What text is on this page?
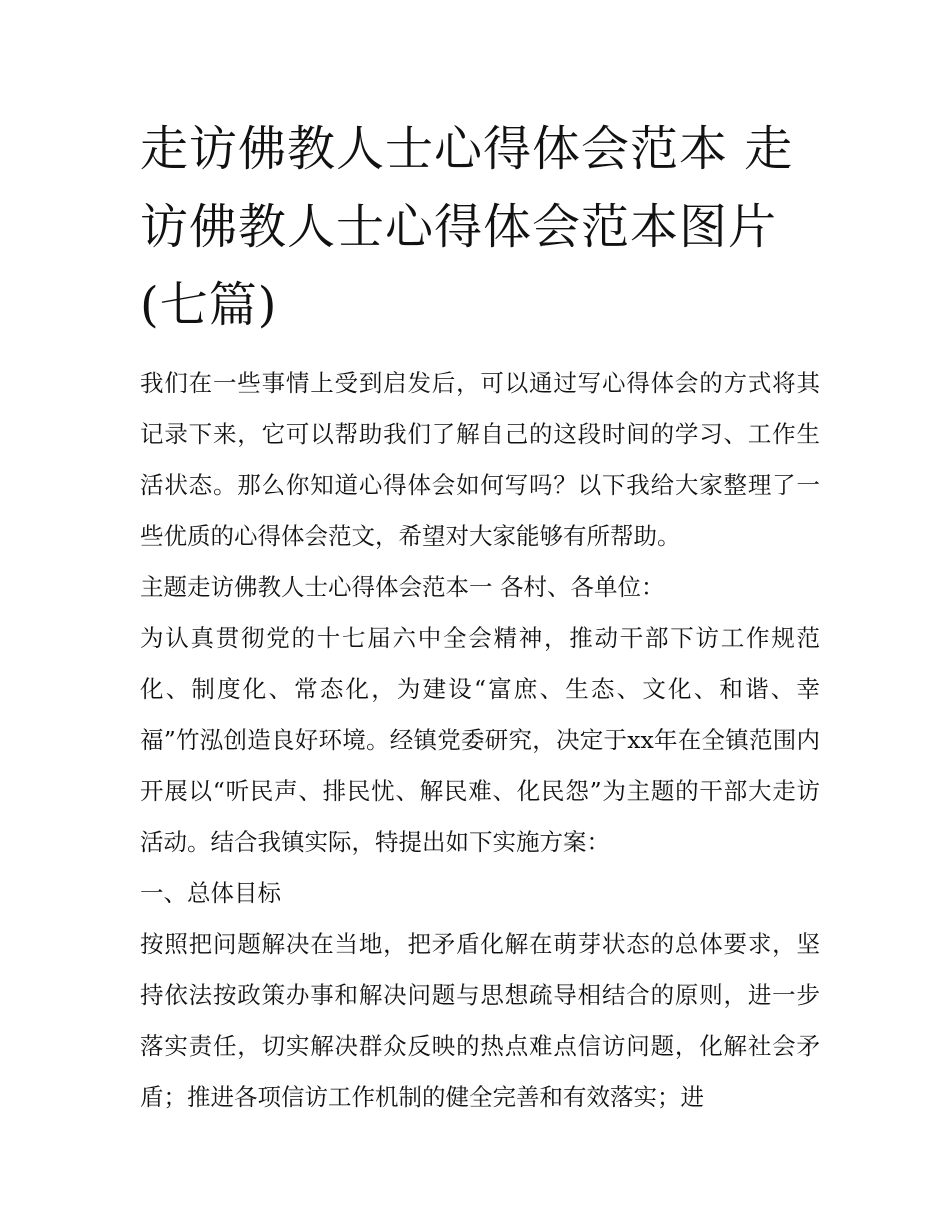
走访佛教人士心得体会范本 走访佛教人士心得体会范本图片(七篇)

我们在一些事情上受到启发后，可以通过写心得体会的方式将其记录下来，它可以帮助我们了解自己的这段时间的学习、工作生活状态。那么你知道心得体会如何写吗？以下我给大家整理了一些优质的心得体会范文，希望对大家能够有所帮助。

主题走访佛教人士心得体会范本一 各村、各单位：

为认真贯彻党的十七届六中全会精神，推动干部下访工作规范化、制度化、常态化，为建设“富庶、生态、文化、和谐、幸福”竹泓创造良好环境。经镇党委研究，决定于xx年在全镇范围内开展以“听民声、排民忧、解民难、化民怨”为主题的干部大走访活动。结合我镇实际，特提出如下实施方案：

一、总体目标

按照把问题解决在当地，把矛盾化解在萌芽状态的总体要求，坚持依法按政策办事和解决问题与思想疏导相结合的原则，进一步落实责任，切实解决群众反映的热点难点信访问题，化解社会矛盾；推进各项信访工作机制的健全完善和有效落实；进
